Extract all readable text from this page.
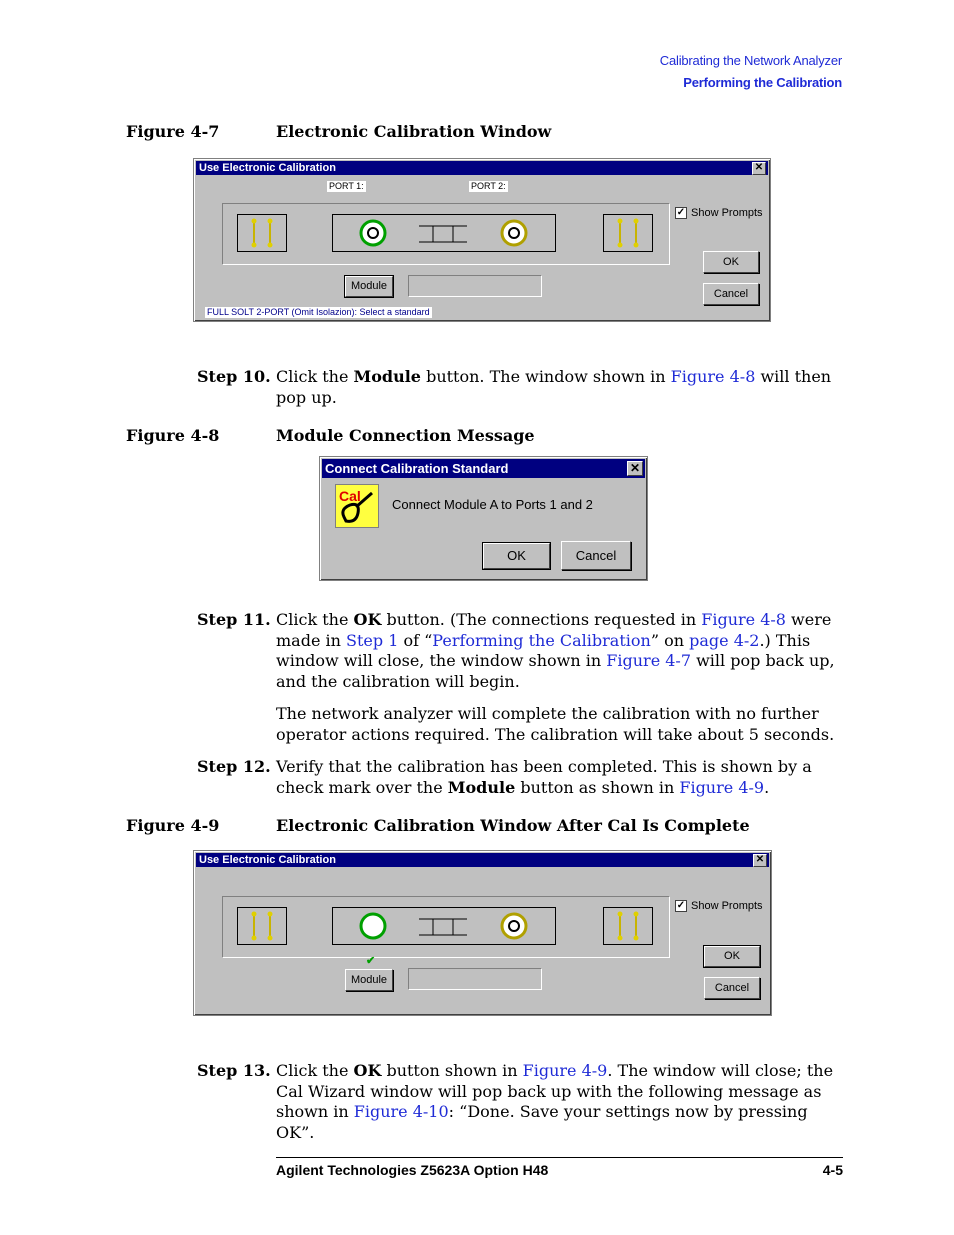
Calibrating the Network Analyzer
Performing the Calibration
Figure 4-7	Electronic Calibration Window
Use Electronic Calibration	✕
PORT 1:	PORT 2:
✓ Show Prompts
OK
Cancel
Module
FULL SOLT 2-PORT (Omit Isolazion): Select a standard
Step 10. Click the Module button. The window shown in Figure 4-8 will then pop up.
Figure 4-8	Module Connection Message
Connect Calibration Standard	✕
Cal
Connect Module A to Ports 1 and 2
OK	Cancel
Step 11. Click the OK button. (The connections requested in Figure 4-8 were made in Step 1 of “Performing the Calibration” on page 4-2.) This window will close, the window shown in Figure 4-7 will pop back up, and the calibration will begin.
The network analyzer will complete the calibration with no further operator actions required. The calibration will take about 5 seconds.
Step 12. Verify that the calibration has been completed. This is shown by a check mark over the Module button as shown in Figure 4-9.
Figure 4-9	Electronic Calibration Window After Cal Is Complete
Use Electronic Calibration	✕
✓ Show Prompts
OK
Cancel
✔
Module
Step 13. Click the OK button shown in Figure 4-9. The window will close; the Cal Wizard window will pop back up with the following message as shown in Figure 4-10: “Done. Save your settings now by pressing OK”.
Agilent Technologies Z5623A Option H48	4-5
